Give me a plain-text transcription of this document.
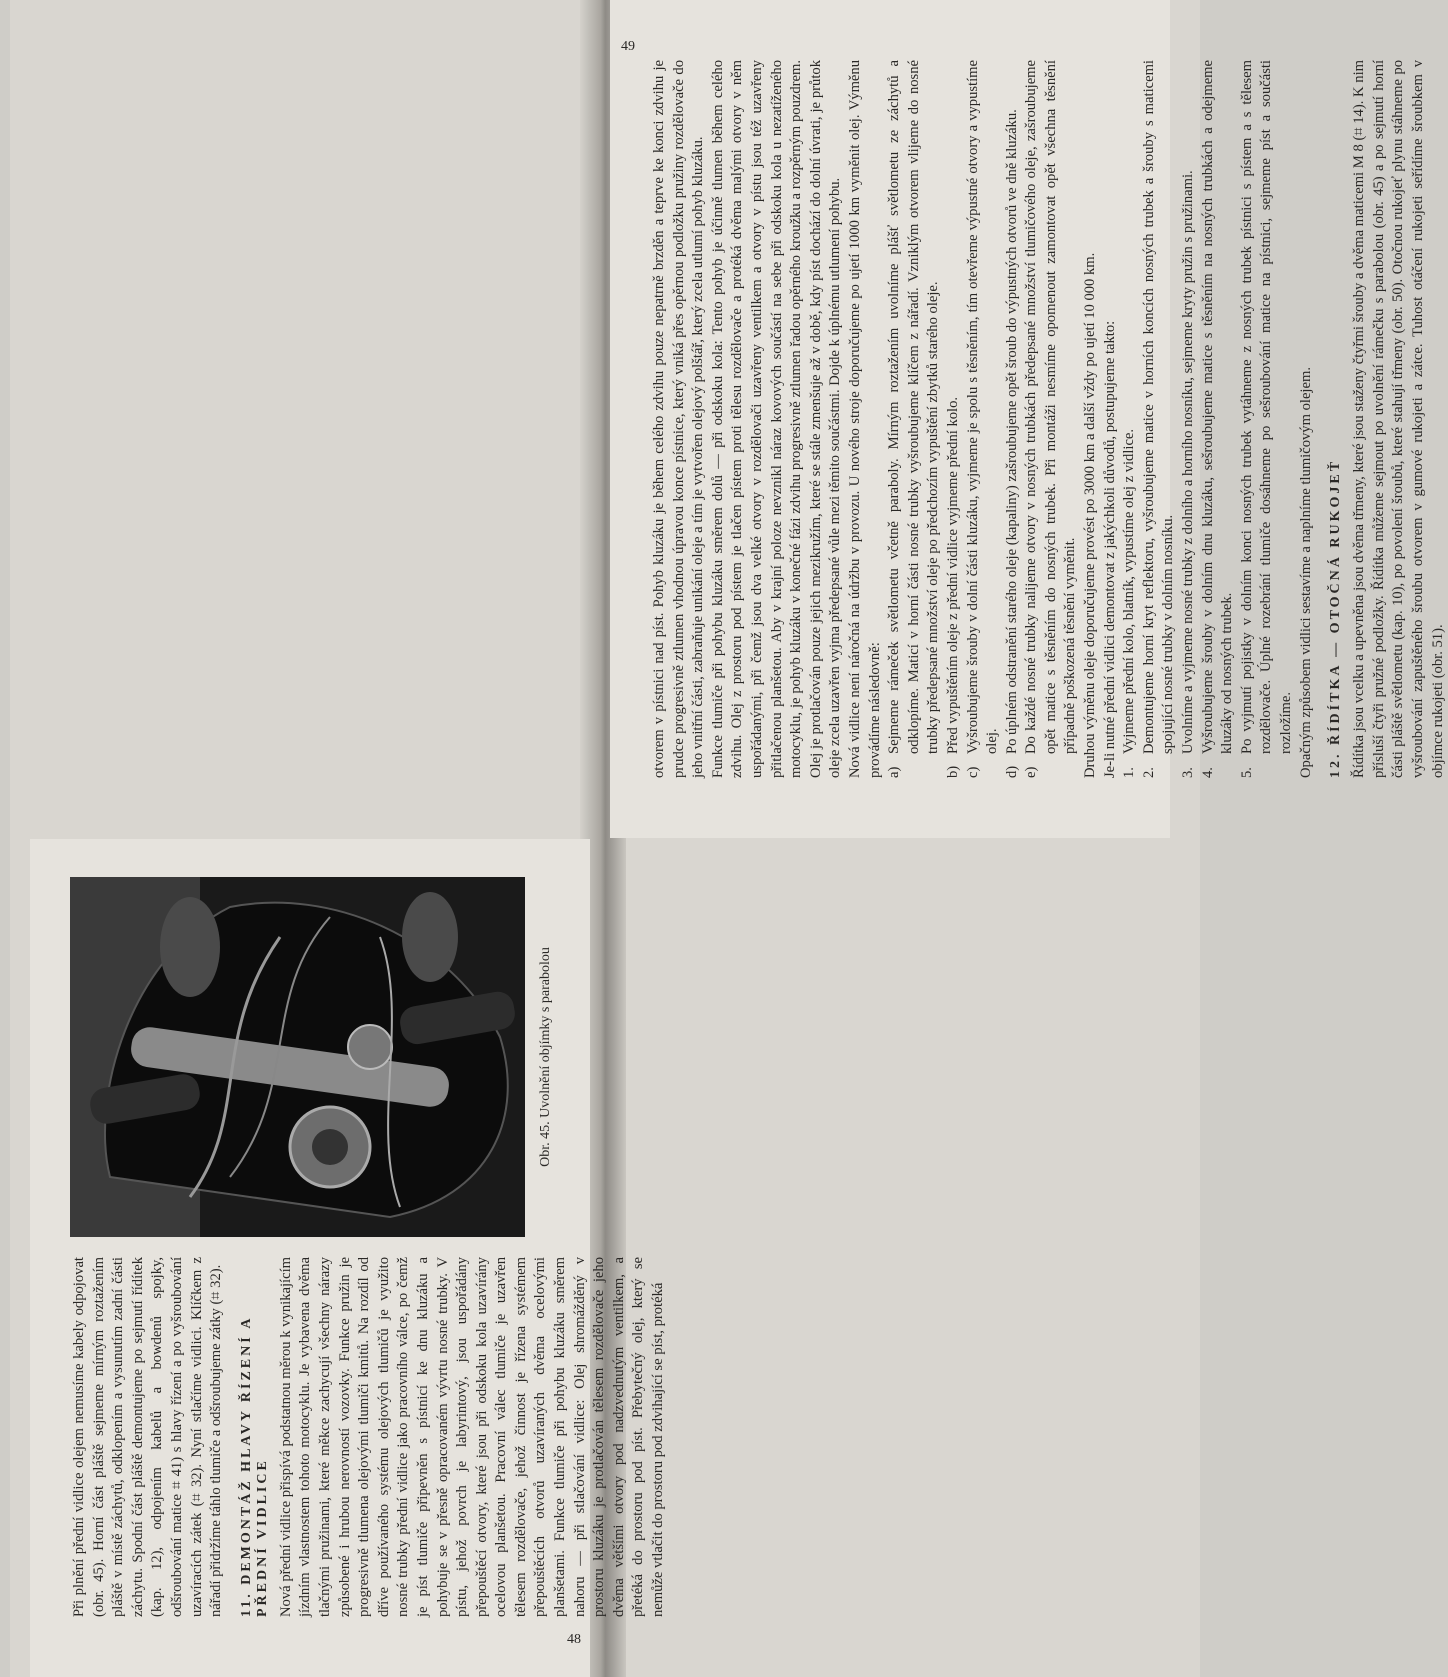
Při plnění přední vidlice olejem nemusíme kabely odpojovat (obr. 45). Horní část pláště sejmeme mírným roztažením pláště v místě záchytů, odklopením a vysunutím zadní části záchytu. Spodní část pláště demontujeme po sejmutí řídítek (kap. 12), odpojením kabelů a bowdenů spojky, odšroubování matice ⌗ 41) s hlavy řízení a po vyšroubování uzavíracích zátek (⌗ 32). Nyní stlačíme vidlici. Klíčkem z nářadí přidržíme táhlo tlumiče a odšroubujeme zátky (⌗ 32). 11. DEMONTÁŽ HLAVY ŘÍZENÍ A PŘEDNÍ VIDLICE Nová přední vidlice přispívá podstatnou měrou k vynikajícím jízdním vlastnostem tohoto motocyklu. Je vybavena dvěma tlačnými pružinami, které měkce zachycují všechny nárazy způsobené i hrubou nerovností vozovky. Funkce pružin je progresivně tlumena olejovými tlumiči kmitů. Na rozdíl od dříve používaného systému olejových tlumičů je využito nosné trubky přední vidlice jako pracovního válce, po čemž je píst tlumiče připevněn s pístnicí ke dnu kluzáku a pohybuje se v přesně opracovaném vývrtu nosné trubky. V pístu, jehož povrch je labyrintový, jsou uspořádány přepouštěcí otvory, které jsou při odskoku kola uzavírány ocelovou planšetou. Pracovní válec tlumiče je uzavřen tělesem rozdělovače, jehož činnost je řízena systémem přepouštěcích otvorů uzavíraných dvěma ocelovými planšetami. Funkce tlumiče při pohybu kluzáku směrem nahoru — při stlačování vidlice: Olej shromážděný v prostoru kluzáku je protlačován tělesem rozdělovače jeho dvěma většími otvory pod nadzvednutým ventilkem, a přetéká do prostoru pod píst. Přebytečný olej, který se nemůže vtlačit do prostoru pod zdvihající se píst, protéká

Obr. 45. Uvolnění objímky s parabolou
48

otvorem v pístnici nad píst. Pohyb kluzáku je během celého zdvihu pouze nepatrně brzděn a teprve ke konci zdvihu je prudce progresivně ztlumen vhodnou úpravou konce pístnice, který vniká přes opěrnou podložku pružiny rozdělovače do jeho vnitřní části, zabraňuje unikání oleje a tím je vytvořen olejový polštář, který zcela utlumí pohyb kluzáku. Funkce tlumiče při pohybu kluzáku směrem dolů — při odskoku kola: Tento pohyb je účinně tlumen během celého zdvihu. Olej z prostoru pod pístem je tlačen pístem proti tělesu rozdělovače a protéká dvěma malými otvory v něm uspořádanými, při čemž jsou dva velké otvory v rozdělovači uzavřeny ventilkem a otvory v pístu jsou též uzavřeny přitlačenou planšetou. Aby v krajní poloze nevznikl náraz kovových součástí na sebe při odskoku kola u nezatíženého motocyklu, je pohyb kluzáku v konečné fázi zdvihu progresivně ztlumen řadou opěrného kroužku a rozpěrným pouzdrem. Olej je protlačován pouze jejich mezikružím, které se stále zmenšuje až v době, kdy píst dochází do dolní úvrati, je průtok oleje zcela uzavřen vyjma předepsané vůle mezi těmito součástmi. Dojde k úplnému utlumení pohybu. Nová vidlice není náročná na údržbu v provozu. U nového stroje doporučujeme po ujetí 1000 km vyměnit olej. Výměnu provádíme následovně: a)
Sejmeme rámeček světlometu včetně paraboly. Mírným roztažením uvolníme plášť světlometu ze záchytů a odklopíme. Maticí v horní části nosné trubky vyšroubujeme klíčem z nářadí. Vzniklým otvorem vlijeme do nosné trubky předepsané množství oleje po předchozím vypuštění zbytků starého oleje.
b)
Před vypuštěním oleje z přední vidlice vyjmeme přední kolo.
c)
Vyšroubujeme šrouby v dolní části kluzáku, vyjmeme je spolu s těsněním, tím otevřeme výpustné otvory a vypustíme olej.
d)
Po úplném odstranění starého oleje (kapaliny) zašroubujeme opět šroub do výpustných otvorů ve dně kluzáku.
e)
Do každé nosné trubky nalijeme otvory v nosných trubkách předepsané množství tlumičového oleje, zašroubujeme opět matice s těsněním do nosných trubek. Při montáži nesmíme opomenout zamontovat opět všechna těsnění případně poškozená těsnění vyměnit. Druhou výměnu oleje doporučujeme provést po 3000 km a další vždy po ujetí 10 000 km. Je-li nutné přední vidlici demontovat z jakýchkoli důvodů, postupujeme takto: 1.
Vyjmeme přední kolo, blatník, vypustíme olej z vidlice.
2.
Demontujeme horní kryt reflektoru, vyšroubujeme matice v horních koncích nosných trubek a šrouby s maticemi spojující nosné trubky v dolním nosníku.
3.
Uvolníme a vyjmeme nosné trubky z dolního a horního nosníku, sejmeme kryty pružin s pružinami.
4.
Vyšroubujeme šrouby v dolním dnu kluzáku, sešroubujeme matice s těsněním na nosných trubkách a odejmeme kluzáky od nosných trubek.
5.
Po vyjmutí pojistky v dolním konci nosných trubek vytáhneme z nosných trubek pístnici s pístem a s tělesem rozdělovače. Úplné rozebrání tlumiče dosáhneme po sešroubování matice na pístnici, sejmeme píst a součásti rozložíme. Opačným způsobem vidlici sestavíme a naplníme tlumičovým olejem. 12. ŘÍDÍTKA — OTOČNÁ RUKOJEŤ Řídítka jsou vcelku a upevněna jsou dvěma třmeny, které jsou staženy čtyřmi šrouby a dvěma maticemi M 8 (⌗ 14). K nim přísluší čtyři pružné podložky. Řídítka můžeme sejmout po uvolnění rámečku s parabolou (obr. 45) a po sejmutí horní části pláště světlometu (kap. 10), po povolení šroubů, které stahují třmeny (obr. 50). Otočnou rukojeť plynu stáhneme po vyšroubování zapuštěného šroubu otvorem v gumové rukojeti a zátce. Tuhost otáčení rukojeti seřídíme šroubkem v objímce rukojeti (obr. 51).

49
